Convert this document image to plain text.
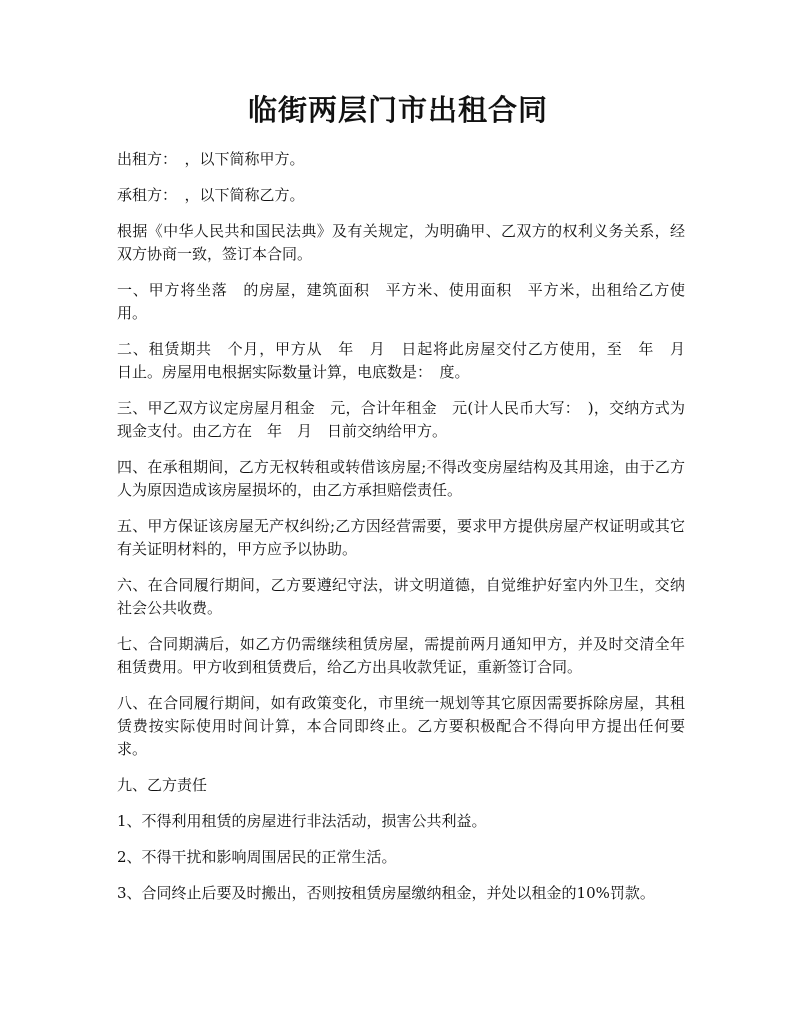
临街两层门市出租合同

出租方：　，以下简称甲方。

承租方：　，以下简称乙方。

根据《中华人民共和国民法典》及有关规定，为明确甲、乙双方的权利义务关系，经双方协商一致，签订本合同。

一、甲方将坐落　的房屋，建筑面积　平方米、使用面积　平方米，出租给乙方使用。

二、租赁期共　个月，甲方从　年　月　日起将此房屋交付乙方使用，至　年　月　日止。房屋用电根据实际数量计算，电底数是：　度。

三、甲乙双方议定房屋月租金　元，合计年租金　元(计人民币大写：　)，交纳方式为现金支付。由乙方在　年　月　日前交纳给甲方。

四、在承租期间，乙方无权转租或转借该房屋;不得改变房屋结构及其用途，由于乙方人为原因造成该房屋损坏的，由乙方承担赔偿责任。

五、甲方保证该房屋无产权纠纷;乙方因经营需要，要求甲方提供房屋产权证明或其它有关证明材料的，甲方应予以协助。

六、在合同履行期间，乙方要遵纪守法，讲文明道德，自觉维护好室内外卫生，交纳社会公共收费。

七、合同期满后，如乙方仍需继续租赁房屋，需提前两月通知甲方，并及时交清全年租赁费用。甲方收到租赁费后，给乙方出具收款凭证，重新签订合同。

八、在合同履行期间，如有政策变化，市里统一规划等其它原因需要拆除房屋，其租赁费按实际使用时间计算，本合同即终止。乙方要积极配合不得向甲方提出任何要求。

九、乙方责任

1、不得利用租赁的房屋进行非法活动，损害公共利益。

2、不得干扰和影响周围居民的正常生活。

3、合同终止后要及时搬出，否则按租赁房屋缴纳租金，并处以租金的10%罚款。
